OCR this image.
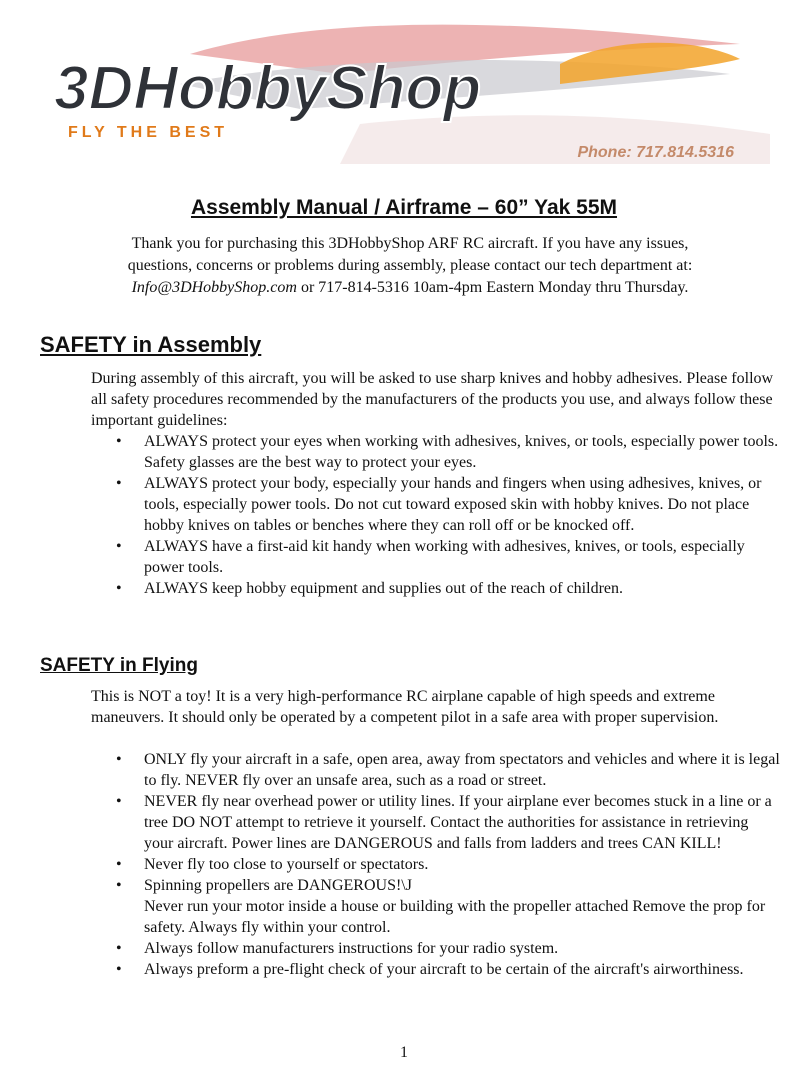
3DHobbyShop
FLY THE BEST
Phone: 717.814.5316
Assembly Manual / Airframe – 60” Yak 55M
Thank you for purchasing this 3DHobbyShop ARF RC aircraft. If you have any issues,
questions, concerns or problems during assembly, please contact our tech department at:
Info@3DHobbyShop.com or 717-814-5316 10am-4pm Eastern Monday thru Thursday.
SAFETY in Assembly
During assembly of this aircraft, you will be asked to use sharp knives and hobby adhesives. Please follow all safety procedures recommended by the manufacturers of the products you use, and always follow these important guidelines:
• ALWAYS protect your eyes when working with adhesives, knives, or tools, especially power tools. Safety glasses are the best way to protect your eyes.
• ALWAYS protect your body, especially your hands and fingers when using adhesives, knives, or tools, especially power tools. Do not cut toward exposed skin with hobby knives. Do not place hobby knives on tables or benches where they can roll off or be knocked off.
• ALWAYS have a first-aid kit handy when working with adhesives, knives, or tools, especially power tools.
• ALWAYS keep hobby equipment and supplies out of the reach of children.
SAFETY in Flying
This is NOT a toy! It is a very high-performance RC airplane capable of high speeds and extreme maneuvers. It should only be operated by a competent pilot in a safe area with proper supervision.
• ONLY fly your aircraft in a safe, open area, away from spectators and vehicles and where it is legal to fly. NEVER fly over an unsafe area, such as a road or street.
• NEVER fly near overhead power or utility lines. If your airplane ever becomes stuck in a line or a tree DO NOT attempt to retrieve it yourself. Contact the authorities for assistance in retrieving your aircraft. Power lines are DANGEROUS and falls from ladders and trees CAN KILL!
• Never fly too close to yourself or spectators.
• Spinning propellers are DANGEROUS!\J
Never run your motor inside a house or building with the propeller attached Remove the prop for safety. Always fly within your control.
• Always follow manufacturers instructions for your radio system.
• Always preform a pre-flight check of your aircraft to be certain of the aircraft's airworthiness.
1
